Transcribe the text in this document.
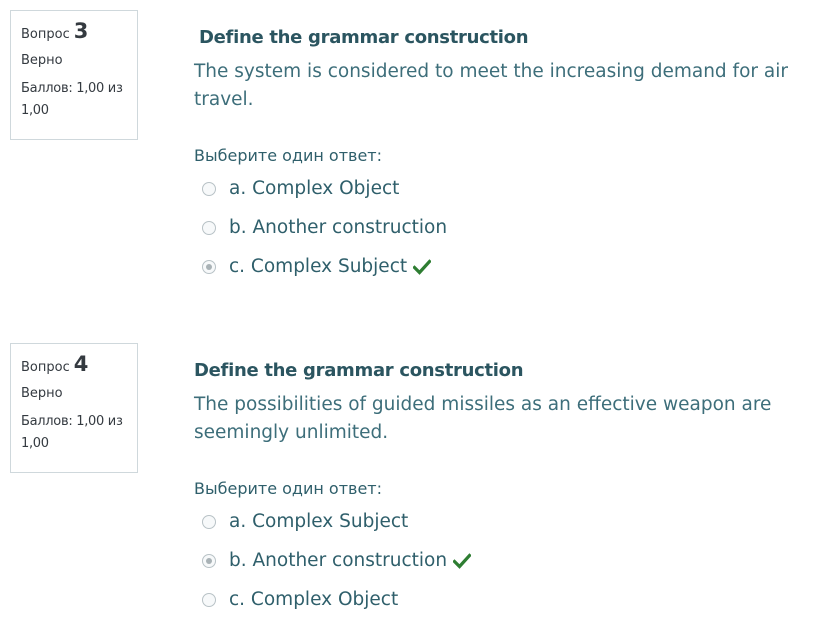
Вопрос 3
Верно
Баллов: 1,00 из 1,00
Define the grammar construction
The system is considered to meet the increasing demand for air travel.
Выберите один ответ:
a. Complex Object
b. Another construction
c. Complex Subject
Вопрос 4
Верно
Баллов: 1,00 из 1,00
Define the grammar construction
The possibilities of guided missiles as an effective weapon are seemingly unlimited.
Выберите один ответ:
a. Complex Subject
b. Another construction
c. Complex Object
